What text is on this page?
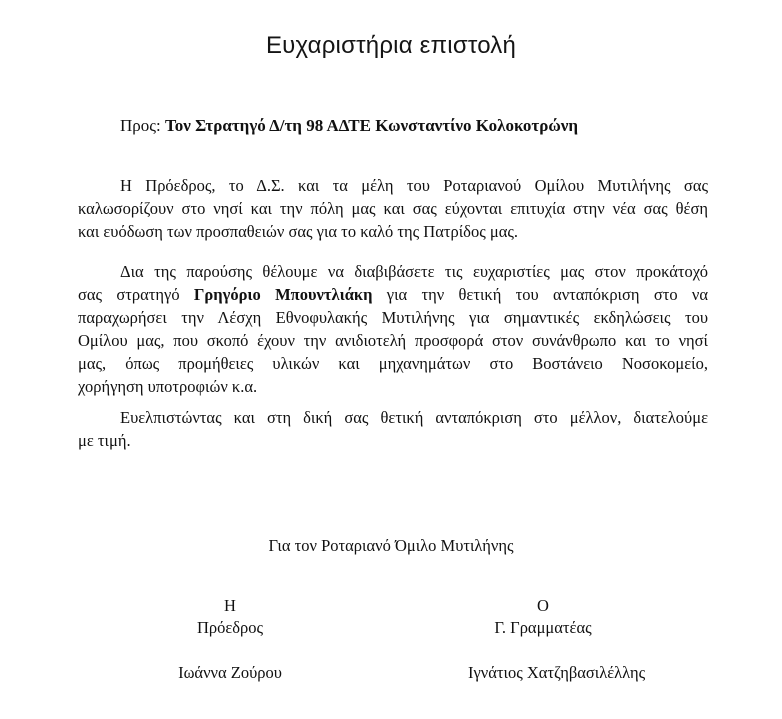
Ευχαριστήρια επιστολή
Προς: Τον Στρατηγό Δ/τη 98 ΑΔΤΕ Κωνσταντίνο Κολοκοτρώνη
Η Πρόεδρος, το Δ.Σ. και τα μέλη του Ροταριανού Ομίλου Μυτιλήνης σας
καλωσορίζουν στο νησί και την πόλη μας και σας εύχονται επιτυχία στην νέα σας θέση
και ευόδωση των προσπαθειών σας για το καλό της Πατρίδος μας.
Δια της παρούσης θέλουμε να διαβιβάσετε τις ευχαριστίες μας στον προκάτοχό
σας στρατηγό Γρηγόριο Μπουντλιάκη για την θετική του ανταπόκριση στο να
παραχωρήσει την Λέσχη Εθνοφυλακής Μυτιλήνης για σημαντικές εκδηλώσεις του
Ομίλου μας, που σκοπό έχουν την ανιδιοτελή προσφορά στον συνάνθρωπο και το νησί
μας, όπως προμήθειες υλικών και μηχανημάτων στο Βοστάνειο Νοσοκομείο,
χορήγηση υποτροφιών κ.α.
Ευελπιστώντας και στη δική σας θετική ανταπόκριση στο μέλλον, διατελούμε
με τιμή.
Για τον Ροταριανό Όμιλο Μυτιλήνης
Η
Πρόεδρος
Ιωάννα Ζούρου
Ο
Γ. Γραμματέας
Ιγνάτιος Χατζηβασιλέλλης
